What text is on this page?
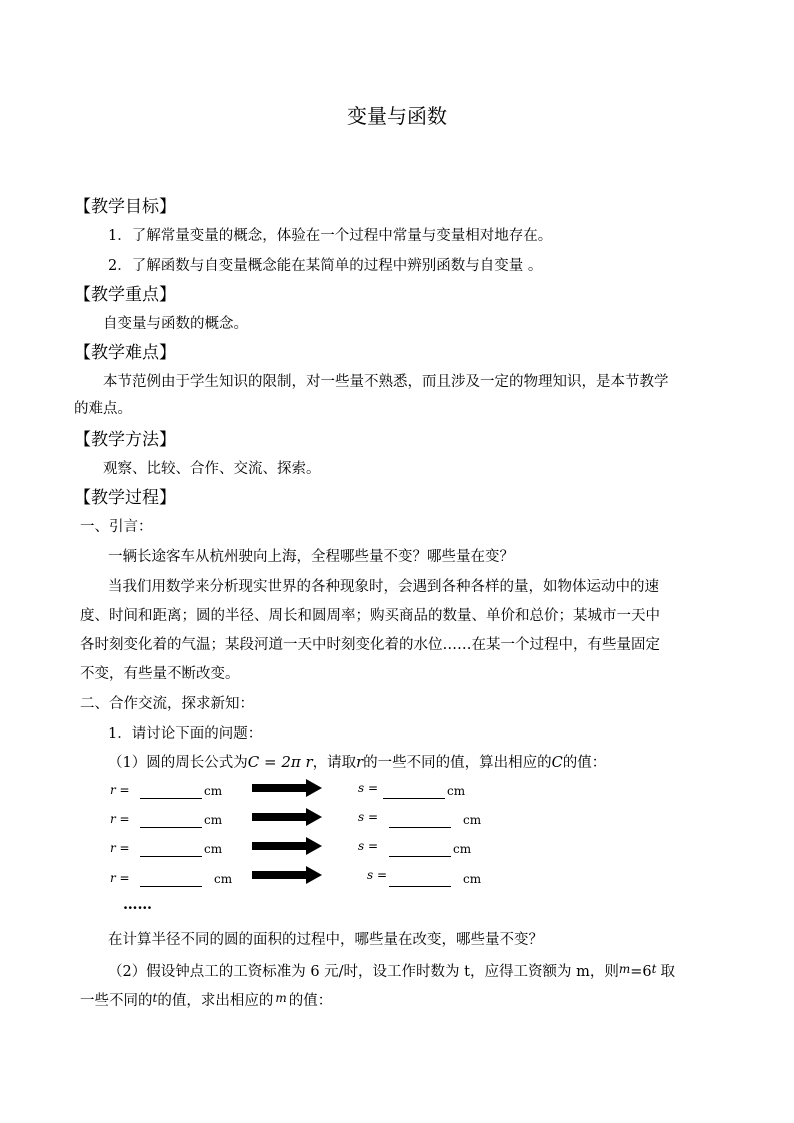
变量与函数
【教学目标】
1．了解常量变量的概念，体验在一个过程中常量与变量相对地存在。
2．了解函数与自变量概念能在某简单的过程中辨别函数与自变量 。
【教学重点】
自变量与函数的概念。
【教学难点】
本节范例由于学生知识的限制，对一些量不熟悉，而且涉及一定的物理知识，是本节教学
的难点。
【教学方法】
观察、比较、合作、交流、探索。
【教学过程】
一、引言：
一辆长途客车从杭州驶向上海，全程哪些量不变？哪些量在变？
当我们用数学来分析现实世界的各种现象时，会遇到各种各样的量，如物体运动中的速
度、时间和距离；圆的半径、周长和圆周率；购买商品的数量、单价和总价；某城市一天中
各时刻变化着的气温；某段河道一天中时刻变化着的水位……在某一个过程中，有些量固定
不变，有些量不断改变。
二、合作交流，探求新知：
1．请讨论下面的问题：
（1）圆的周长公式为C = 2π r，请取r的一些不同的值，算出相应的C的值：
r =	cm	s =	cm
r =	cm	s =	cm
r =	cm	s =	cm
r =	cm	s =	cm
……
在计算半径不同的圆的面积的过程中，哪些量在改变，哪些量不变？
（2）假设钟点工的工资标准为 6 元/时，设工作时数为 t，应得工资额为 m，则$^m=6^t$ 取
一些不同的$^t$的值，求出相应的 $^m$ 的值：
